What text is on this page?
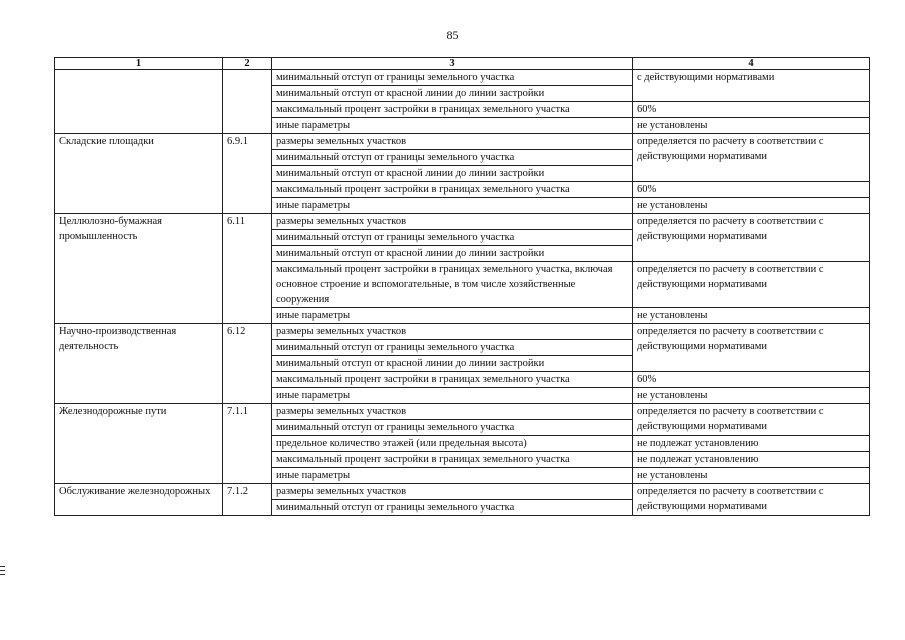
85
1	2	3	4
		минимальный отступ от границы земельного участка	с действующими нормативами
		минимальный отступ от красной линии до линии застройки	
		максимальный процент застройки в границах земельного участка	60%
		иные параметры	не установлены
Складские площадки	6.9.1	размеры земельных участков	определяется по расчету в соответствии с действующими нормативами
		минимальный отступ от границы земельного участка	
		минимальный отступ от красной линии до линии застройки	
		максимальный процент застройки в границах земельного участка	60%
		иные параметры	не установлены
Целлюлозно-бумажная промышленность	6.11	размеры земельных участков	определяется по расчету в соответствии с действующими нормативами
		минимальный отступ от границы земельного участка	
		минимальный отступ от красной линии до линии застройки	
		максимальный процент застройки в границах земельного участка, включая основное строение и вспомогательные, в том числе хозяйственные сооружения	определяется по расчету в соответствии с действующими нормативами
		иные параметры	не установлены
Научно-производственная деятельность	6.12	размеры земельных участков	определяется по расчету в соответствии с действующими нормативами
		минимальный отступ от границы земельного участка	
		минимальный отступ от красной линии до линии застройки	
		максимальный процент застройки в границах земельного участка	60%
		иные параметры	не установлены
Железнодорожные пути	7.1.1	размеры земельных участков	определяется по расчету в соответствии с действующими нормативами
		минимальный отступ от границы земельного участка	
		предельное количество этажей (или предельная высота)	не подлежат установлению
		максимальный процент застройки в границах земельного участка	не подлежат установлению
		иные параметры	не установлены
Обслуживание железнодорожных	7.1.2	размеры земельных участков	определяется по расчету в соответствии с действующими нормативами
		минимальный отступ от границы земельного участка	
